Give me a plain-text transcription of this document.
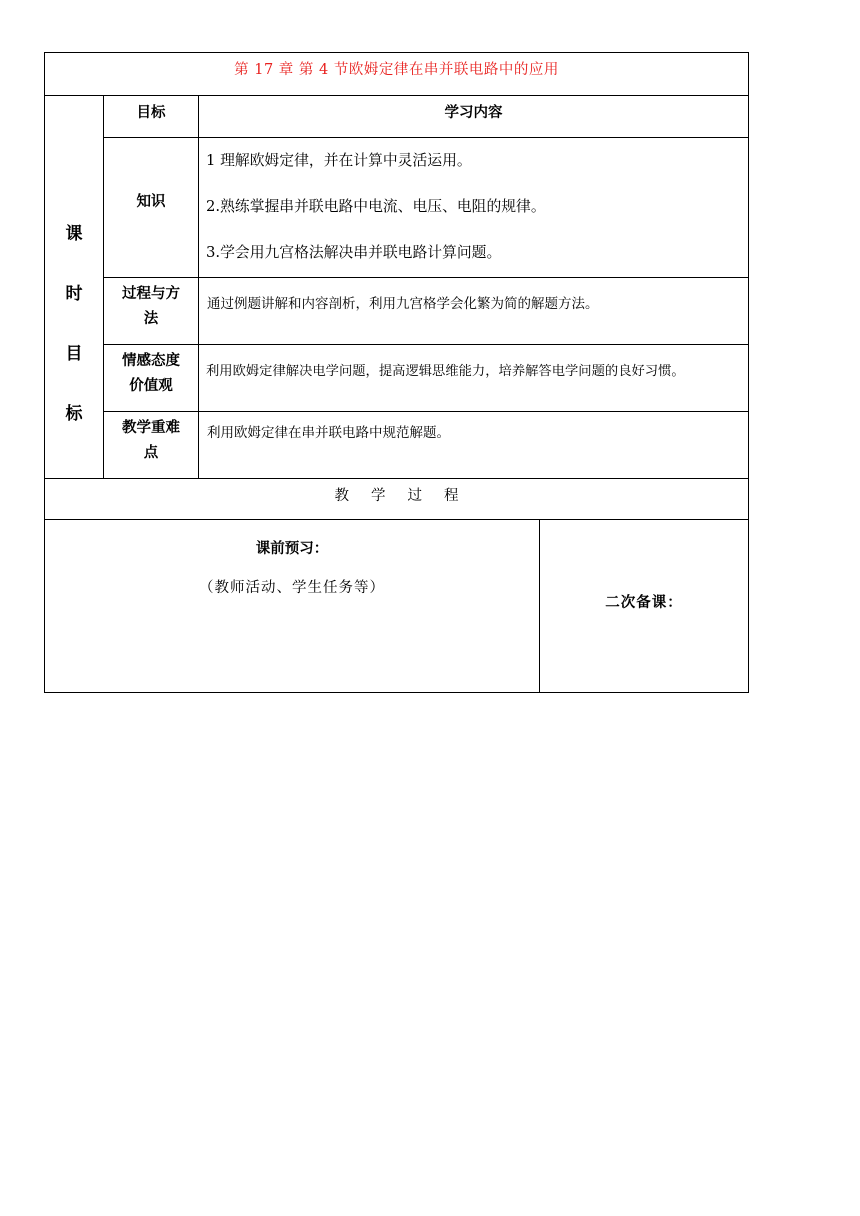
第 17 章 第 4 节欧姆定律在串并联电路中的应用
课
时
目
标
目标	学习内容
知识
1 理解欧姆定律，并在计算中灵活运用。
2.熟练掌握串并联电路中电流、电压、电阻的规律。
3.学会用九宫格法解决串并联电路计算问题。
过程与方
法
通过例题讲解和内容剖析，利用九宫格学会化繁为简的解题方法。
情感态度
价值观
利用欧姆定律解决电学问题，提高逻辑思维能力，培养解答电学问题的良好习惯。
教学重难
点
利用欧姆定律在串并联电路中规范解题。
教学过程
课前预习：
（教师活动、学生任务等）
二次备课：
